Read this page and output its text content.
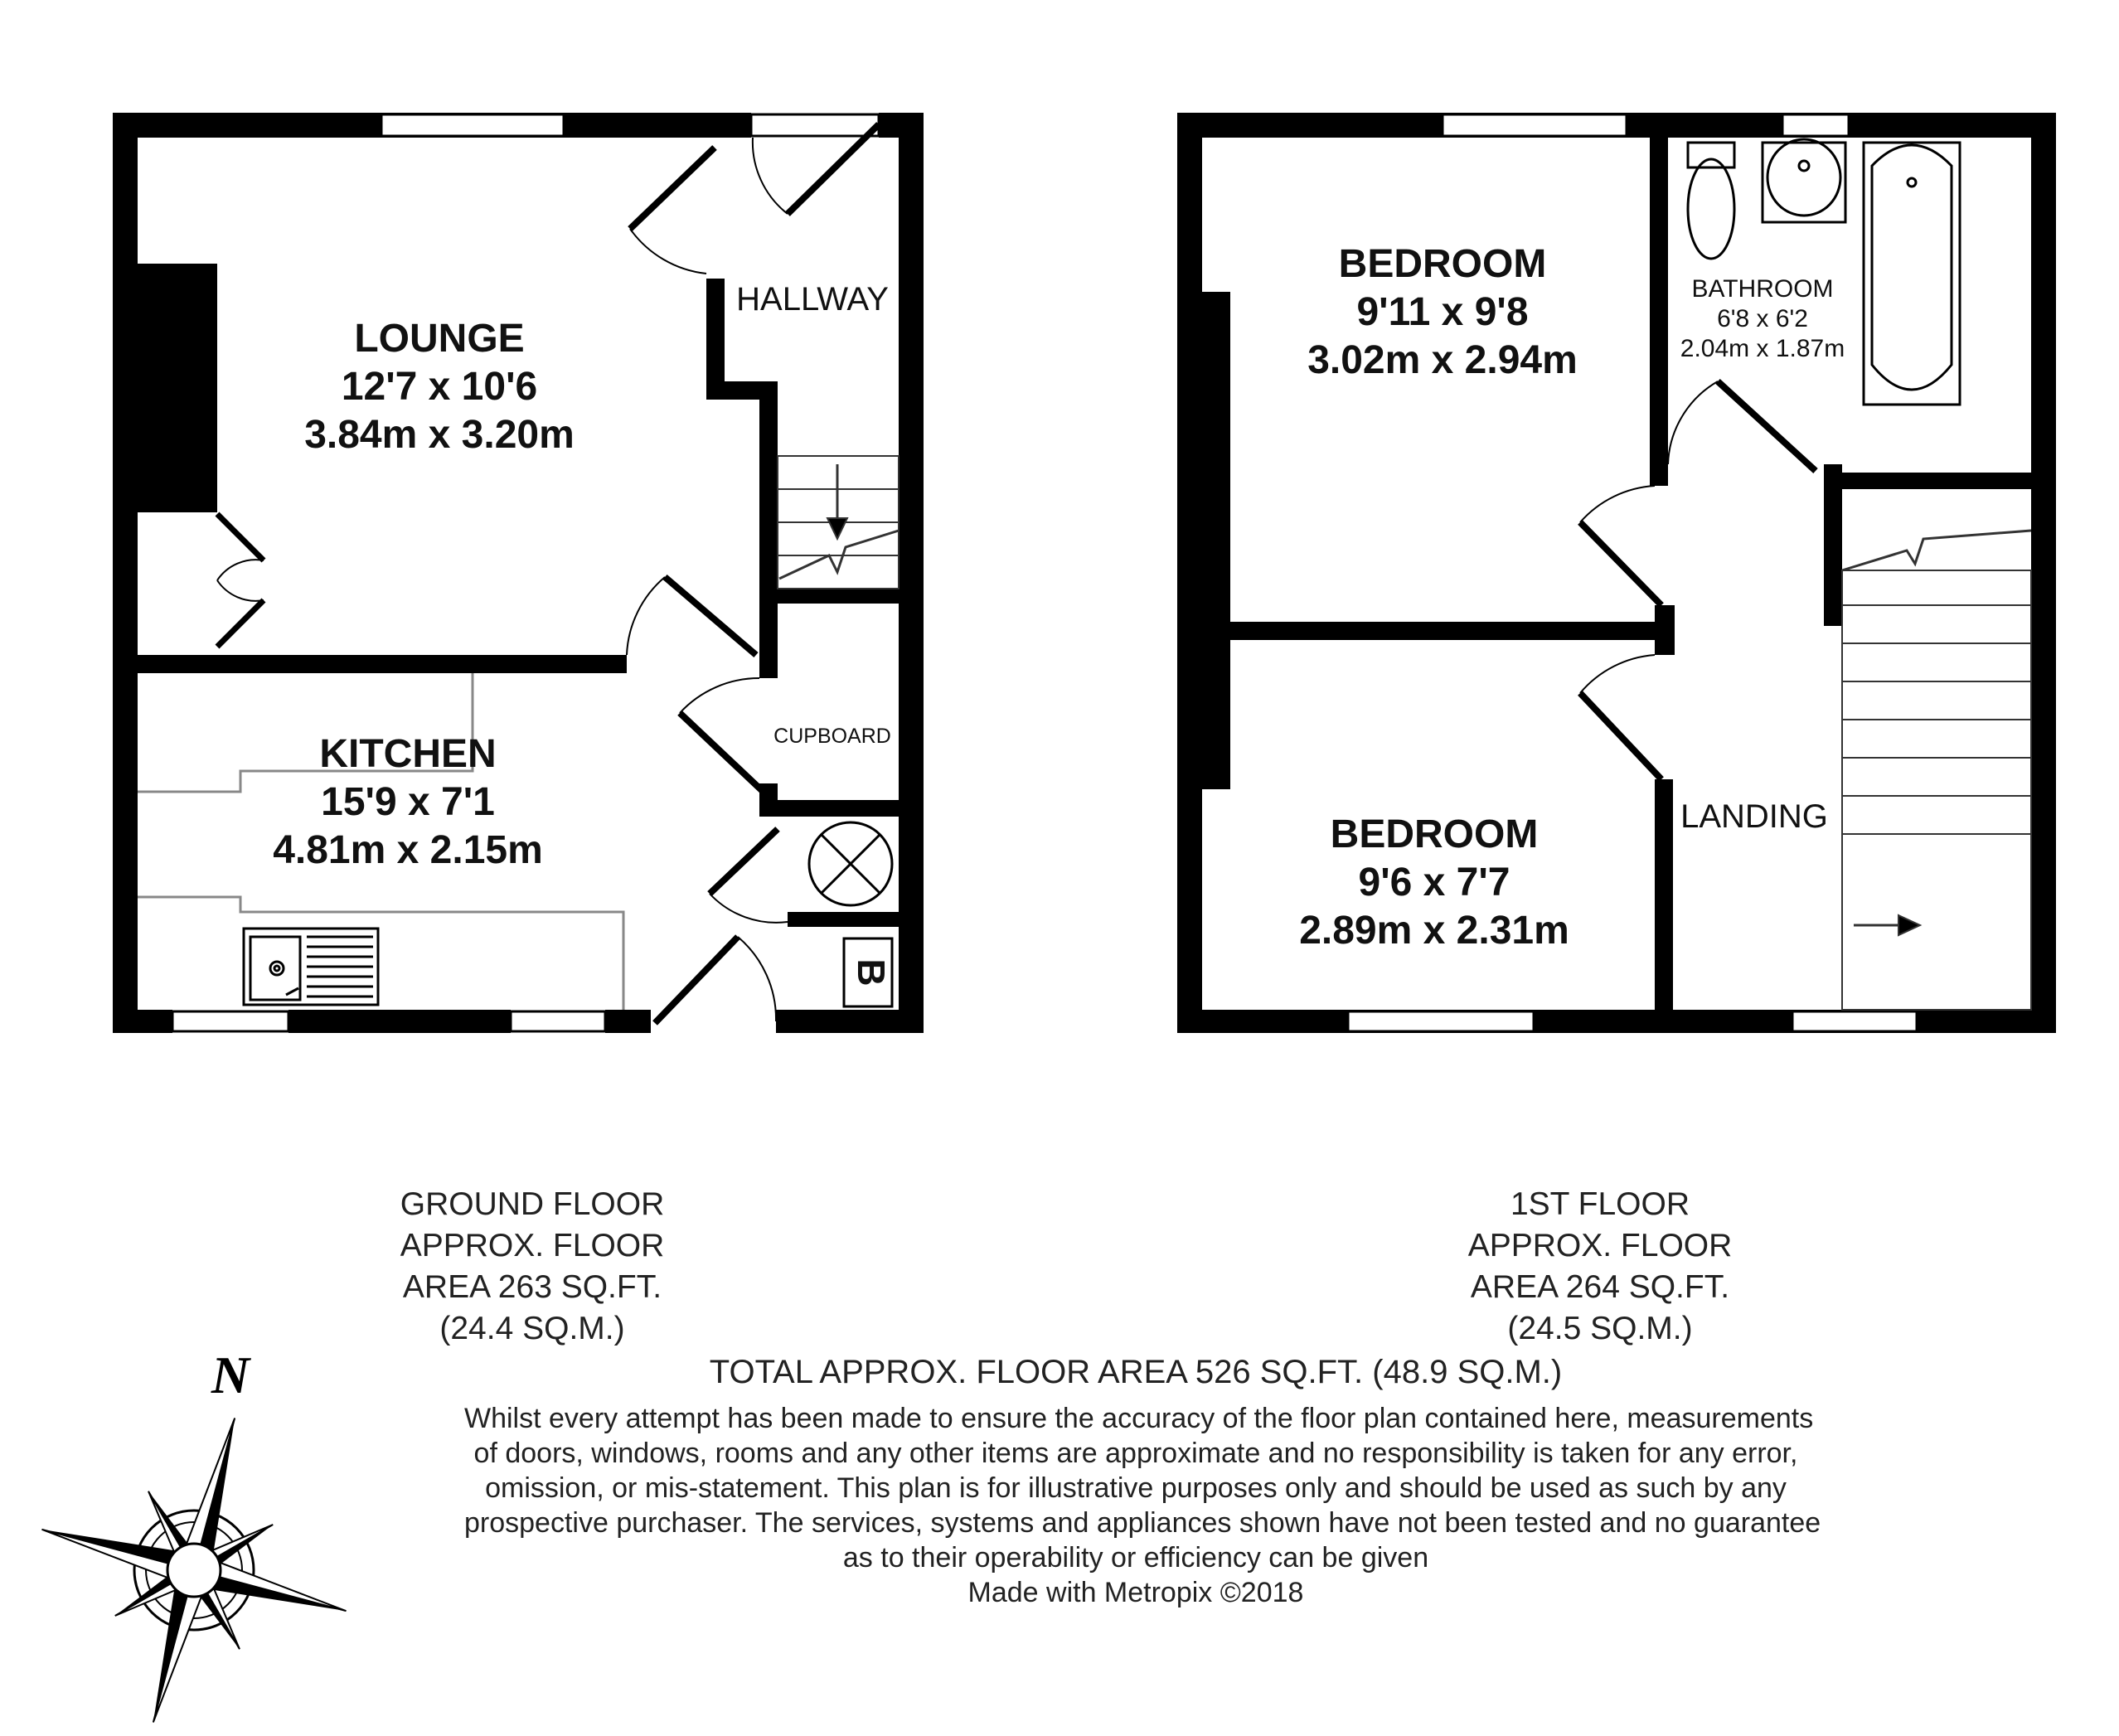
B
LOUNGE
12'7 x 10'6
3.84m x 3.20m
KITCHEN
15'9 x 7'1
4.81m x 2.15m
HALLWAY
CUPBOARD
BEDROOM
9'11 x 9'8
3.02m x 2.94m
BEDROOM
9'6 x 7'7
2.89m x 2.31m
BATHROOM
6'8 x 6'2
2.04m x 1.87m
LANDING
N
GROUND FLOOR
APPROX. FLOOR
AREA 263 SQ.FT.
(24.4 SQ.M.)
1ST FLOOR
APPROX. FLOOR
AREA 264 SQ.FT.
(24.5 SQ.M.)
TOTAL APPROX. FLOOR AREA 526 SQ.FT. (48.9 SQ.M.)
Whilst every attempt has been made to ensure the accuracy of the floor plan contained here, measurements
of doors, windows, rooms and any other items are approximate and no responsibility is taken for any error,
omission, or mis-statement. This plan is for illustrative purposes only and should be used as such by any
prospective purchaser. The services, systems and appliances shown have not been tested and no guarantee
as to their operability or efficiency can be given
Made with Metropix ©2018
